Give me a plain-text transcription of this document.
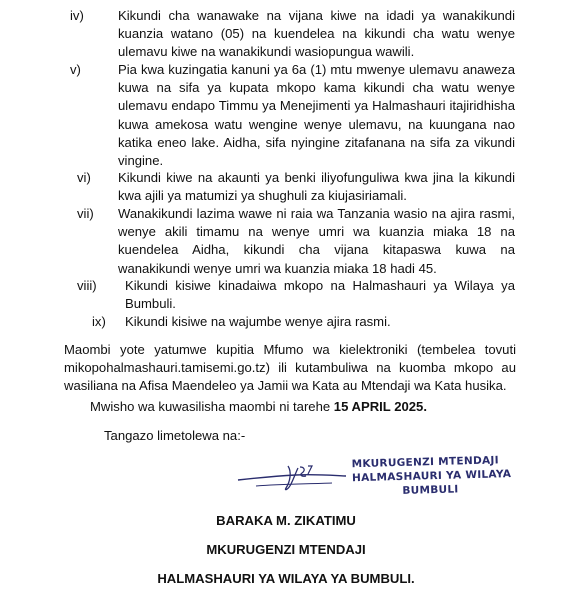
iv)	Kikundi cha wanawake na vijana kiwe na idadi ya wanakikundi kuanzia watano (05) na kuendelea na kikundi cha watu wenye ulemavu kiwe na wanakikundi wasiopungua wawili.
v)	Pia kwa kuzingatia kanuni ya 6a (1) mtu mwenye ulemavu anaweza kuwa na sifa ya kupata mkopo kama kikundi cha watu wenye ulemavu endapo Timmu ya Menejimenti ya Halmashauri itajiridhisha kuwa amekosa watu wengine wenye ulemavu, na kuungana nao katika eneo lake. Aidha, sifa nyingine zitafanana na sifa za vikundi vingine.
vi)	Kikundi kiwe na akaunti ya benki iliyofunguliwa kwa jina la kikundi kwa ajili ya matumizi ya shughuli za kiujasiriamali.
vii)	Wanakikundi lazima wawe ni raia wa Tanzania wasio na ajira rasmi, wenye akili timamu na wenye umri wa kuanzia miaka 18 na kuendelea Aidha, kikundi cha vijana kitapaswa kuwa na wanakikundi wenye umri wa kuanzia miaka 18 hadi 45.
viii)	Kikundi kisiwe kinadaiwa mkopo na Halmashauri ya Wilaya ya Bumbuli.
ix)	Kikundi kisiwe na wajumbe wenye ajira rasmi.
Maombi yote yatumwe kupitia Mfumo wa kielektroniki (tembelea tovuti mikopohalmashauri.tamisemi.go.tz) ili kutambuliwa na kuomba mkopo au wasiliana na Afisa Maendeleo ya Jamii wa Kata au Mtendaji wa Kata husika.
Mwisho wa kuwasilisha maombi ni tarehe 15 APRIL 2025.
Tangazo limetolewa na:-
MKURUGENZI MTENDAJI
HALMASHAURI YA WILAYA
BUMBULI
BARAKA M. ZIKATIMU
MKURUGENZI MTENDAJI
HALMASHAURI YA WILAYA YA BUMBULI.
